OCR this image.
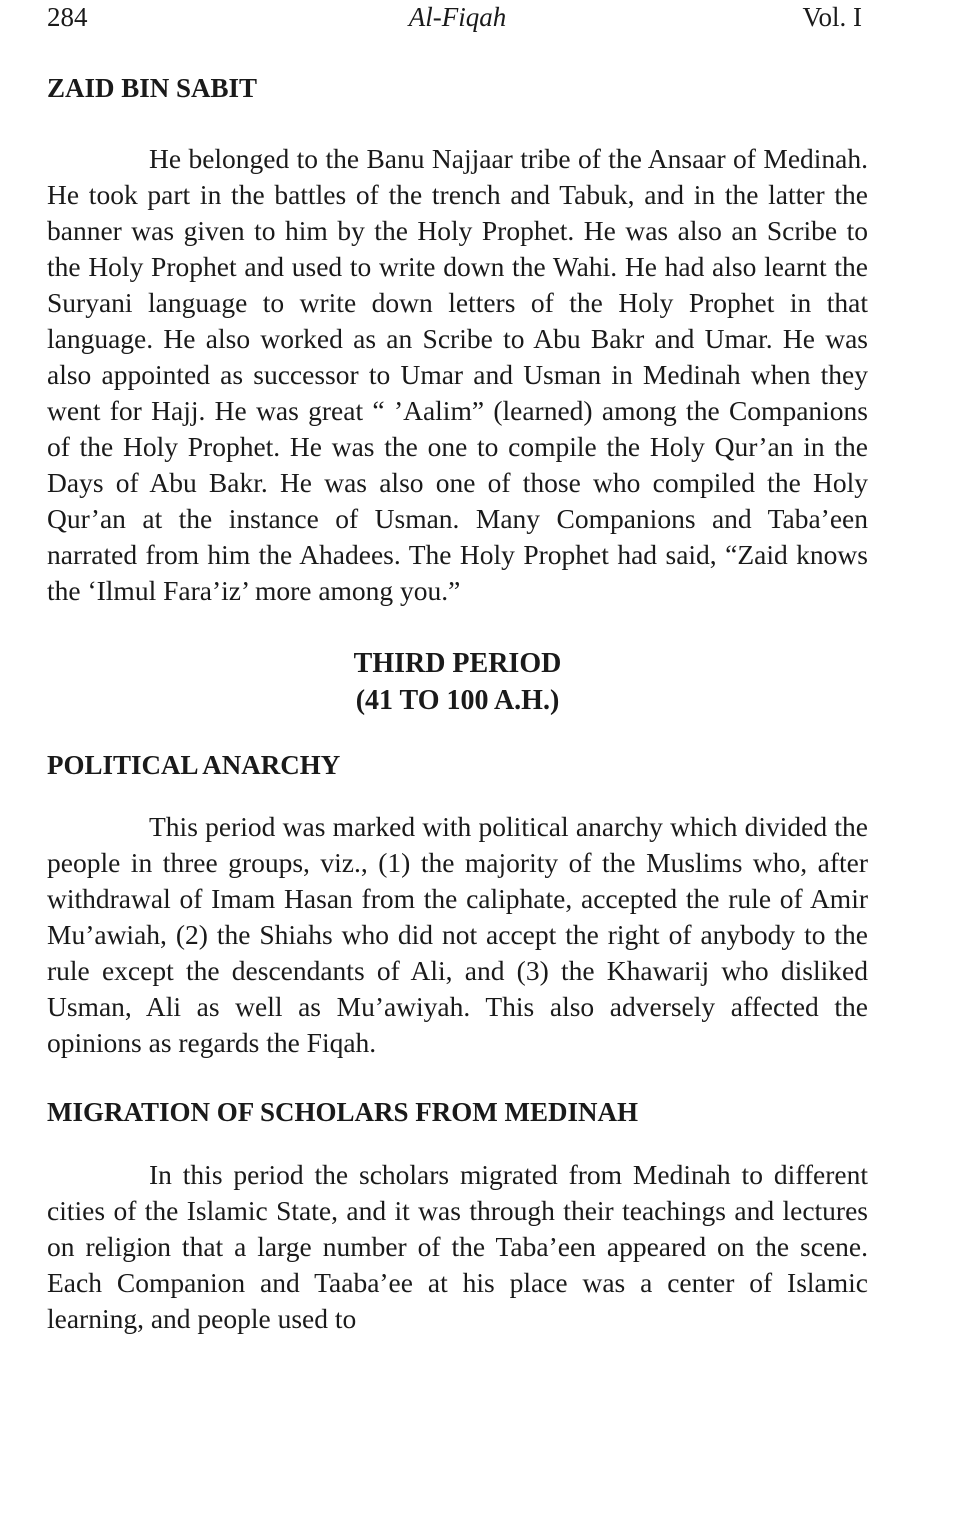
284	Al-Fiqah	Vol. I
ZAID BIN SABIT

He belonged to the Banu Najjaar tribe of the Ansaar of Medinah. He took part in the battles of the trench and Tabuk, and in the latter the banner was given to him by the Holy Prophet. He was also an Scribe to the Holy Prophet and used to write down the Wahi. He had also learnt the Suryani language to write down letters of the Holy Prophet in that language. He also worked as an Scribe to Abu Bakr and Umar. He was also appointed as successor to Umar and Usman in Medinah when they went for Hajj. He was great “ ’Aalim” (learned) among the Companions of the Holy Prophet. He was the one to compile the Holy Qur’an in the Days of Abu Bakr. He was also one of those who compiled the Holy Qur’an at the instance of Usman. Many Companions and Taba’een narrated from him the Ahadees. The Holy Prophet had said, “Zaid knows the ‘Ilmul Fara’iz’ more among you.”

THIRD PERIOD
(41 TO 100 A.H.)
POLITICAL ANARCHY

This period was marked with political anarchy which divided the people in three groups, viz., (1) the majority of the Muslims who, after withdrawal of Imam Hasan from the caliphate, accepted the rule of Amir Mu’awiah, (2) the Shiahs who did not accept the right of anybody to the rule except the descendants of Ali, and (3) the Khawarij who disliked Usman, Ali as well as Mu’awiyah. This also adversely affected the opinions as regards the Fiqah.

MIGRATION OF SCHOLARS FROM MEDINAH

In this period the scholars migrated from Medinah to different cities of the Islamic State, and it was through their teachings and lectures on religion that a large number of the Taba’een appeared on the scene. Each Companion and Taaba’ee at his place was a center of Islamic learning, and people used to
